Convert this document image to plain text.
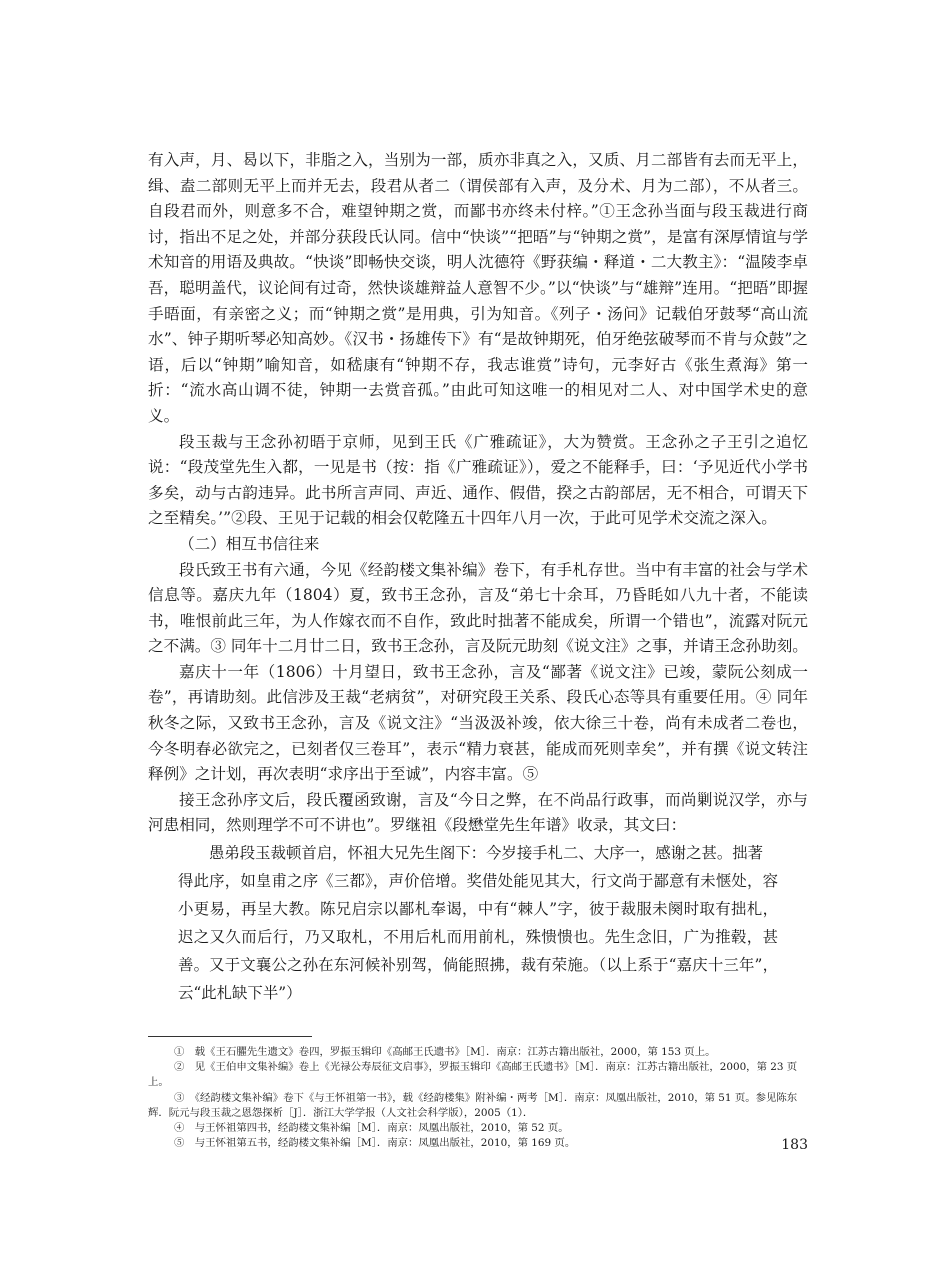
有入声，月、曷以下，非脂之入，当别为一部，质亦非真之入，又质、月二部皆有去而无平上，缉、盍二部则无平上而并无去，段君从者二（谓侯部有入声，及分术、月为二部），不从者三。自段君而外，则意多不合，难望钟期之赏，而鄙书亦终未付梓。”①王念孙当面与段玉裁进行商讨，指出不足之处，并部分获段氏认同。信中“快谈”“把晤”与“钟期之赏”，是富有深厚情谊与学术知音的用语及典故。“快谈”即畅快交谈，明人沈德符《野获编・释道・二大教主》：“温陵李卓吾，聪明盖代，议论间有过奇，然快谈雄辩益人意智不少。”以“快谈”与“雄辩”连用。“把晤”即握手晤面，有亲密之义；而“钟期之赏”是用典，引为知音。《列子・汤问》记载伯牙鼓琴“高山流水”、钟子期听琴必知高妙。《汉书・扬雄传下》有“是故钟期死，伯牙绝弦破琴而不肯与众鼓”之语，后以“钟期”喻知音，如嵇康有“钟期不存，我志谁赏”诗句，元李好古《张生煮海》第一折：“流水高山调不徒，钟期一去赏音孤。”由此可知这唯一的相见对二人、对中国学术史的意义。

段玉裁与王念孙初晤于京师，见到王氏《广雅疏证》，大为赞赏。王念孙之子王引之追忆说：“段茂堂先生入都，一见是书（按：指《广雅疏证》），爱之不能释手，曰：‘予见近代小学书多矣，动与古韵违异。此书所言声同、声近、通作、假借，揆之古韵部居，无不相合，可谓天下之至精矣。’”②段、王见于记载的相会仅乾隆五十四年八月一次，于此可见学术交流之深入。

（二）相互书信往来

段氏致王书有六通，今见《经韵楼文集补编》卷下，有手札存世。当中有丰富的社会与学术信息等。嘉庆九年（1804）夏，致书王念孙，言及“弟七十余耳，乃昏眊如八九十者，不能读书，唯恨前此三年，为人作嫁衣而不自作，致此时拙著不能成矣，所谓一个错也”，流露对阮元之不满。③ 同年十二月廿二日，致书王念孙，言及阮元助刻《说文注》之事，并请王念孙助刻。

嘉庆十一年（1806）十月望日，致书王念孙，言及“鄙著《说文注》已竣，蒙阮公刻成一卷”，再请助刻。此信涉及王裁“老病贫”，对研究段王关系、段氏心态等具有重要任用。④ 同年秋冬之际，又致书王念孙，言及《说文注》“当汲汲补竣，依大徐三十卷，尚有未成者二卷也，今冬明春必欲完之，已刻者仅三卷耳”，表示“精力衰甚，能成而死则幸矣”，并有撰《说文转注释例》之计划，再次表明“求序出于至诚”，内容丰富。⑤

接王念孙序文后，段氏覆函致谢，言及“今日之弊，在不尚品行政事，而尚剿说汉学，亦与河患相同，然则理学不可不讲也”。罗继祖《段懋堂先生年谱》收录，其文曰：

愚弟段玉裁顿首启，怀祖大兄先生阁下：今岁接手札二、大序一，感谢之甚。拙著

得此序，如皇甫之序《三都》，声价倍增。奖借处能见其大，行文尚于鄙意有未惬处，容小更易，再呈大教。陈兄启宗以鄙札奉谒，中有“棘人”字，彼于裁服未阕时取有拙札，迟之又久而后行，乃又取札，不用后札而用前札，殊愦愦也。先生念旧，广为推毂，甚善。又于文襄公之孙在东河候补别驾，倘能照拂，裁有荣施。（以上系于“嘉庆十三年”，云“此札缺下半”）

①　载《王石臞先生遗文》卷四，罗振玉辑印《高邮王氏遗书》［M］．南京：江苏古籍出版社，2000，第 153 页上。

②　见《王伯申文集补编》卷上《光禄公寿辰征文启事》，罗振玉辑印《高邮王氏遗书》［M］．南京：江苏古籍出版社，2000，第 23 页上。

③　《经韵楼文集补编》卷下《与王怀祖第一书》，载《经韵楼集》附补编・两考［M］．南京：凤凰出版社，2010，第 51 页。参见陈东辉．阮元与段玉裁之恩怨探析［J］．浙江大学学报（人文社会科学版），2005（1）．

④　与王怀祖第四书，经韵楼文集补编［M］．南京：凤凰出版社，2010，第 52 页。

⑤　与王怀祖第五书，经韵楼文集补编［M］．南京：凤凰出版社，2010，第 169 页。	183
